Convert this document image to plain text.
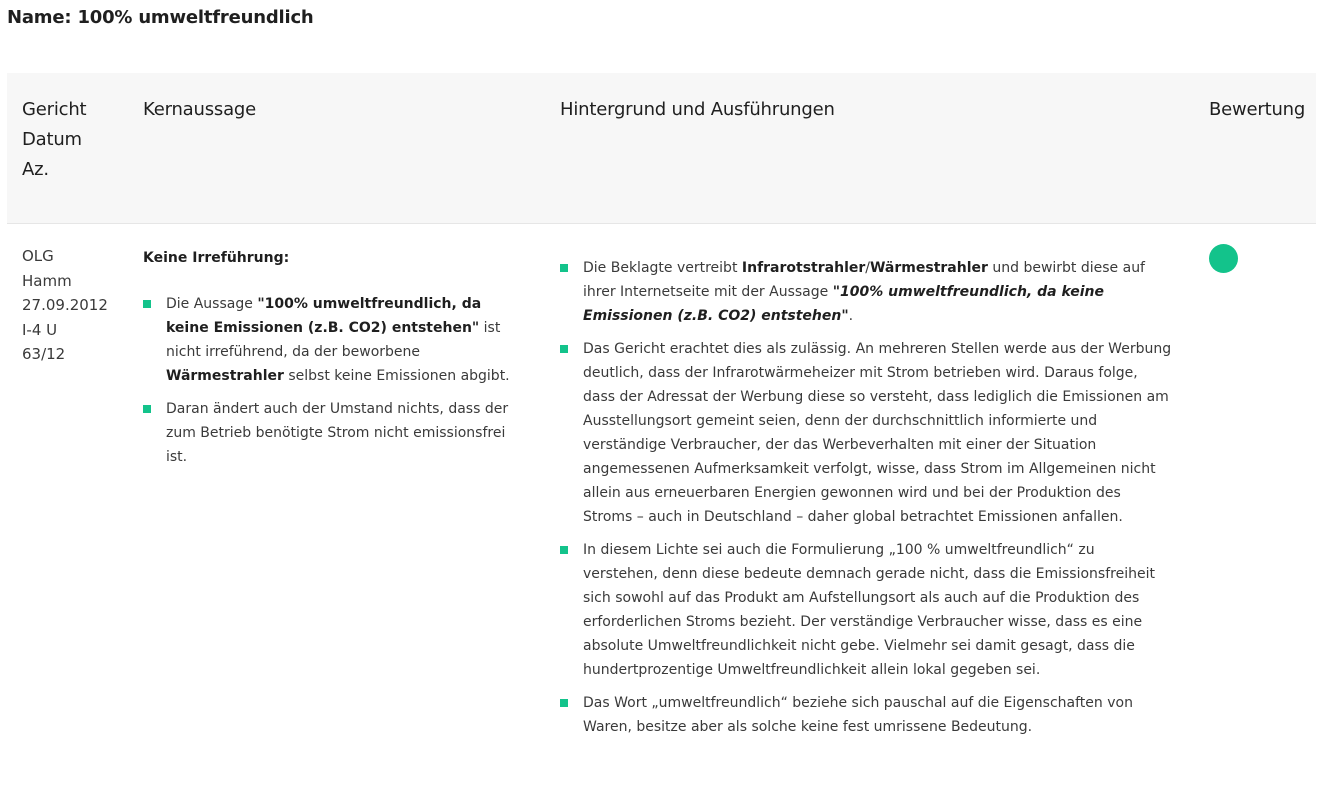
Name: 100% umweltfreundlich
Gericht
Datum
Az.
Kernaussage	Hintergrund und Ausführungen	Bewertung
OLG
Hamm
27.09.2012
I-4 U
63/12
Keine Irreführung:
Die Aussage "100% umweltfreundlich, da keine Emissionen (z.B. CO2) entstehen" ist nicht irreführend, da der beworbene Wärmestrahler selbst keine Emissionen abgibt.
Daran ändert auch der Umstand nichts, dass der zum Betrieb benötigte Strom nicht emissionsfrei ist.
Die Beklagte vertreibt Infrarotstrahler/Wärmestrahler und bewirbt diese auf ihrer Internetseite mit der Aussage "100% umweltfreundlich, da keine Emissionen (z.B. CO2) entstehen".
Das Gericht erachtet dies als zulässig. An mehreren Stellen werde aus der Werbung deutlich, dass der Infrarotwärmeheizer mit Strom betrieben wird. Daraus folge, dass der Adressat der Werbung diese so versteht, dass lediglich die Emissionen am Ausstellungsort gemeint seien, denn der durchschnittlich informierte und verständige Verbraucher, der das Werbeverhalten mit einer der Situation angemessenen Aufmerksamkeit verfolgt, wisse, dass Strom im Allgemeinen nicht allein aus erneuerbaren Energien gewonnen wird und bei der Produktion des Stroms – auch in Deutschland – daher global betrachtet Emissionen anfallen.
In diesem Lichte sei auch die Formulierung „100 % umweltfreundlich“ zu verstehen, denn diese bedeute demnach gerade nicht, dass die Emissionsfreiheit sich sowohl auf das Produkt am Aufstellungsort als auch auf die Produktion des erforderlichen Stroms bezieht. Der verständige Verbraucher wisse, dass es eine absolute Umweltfreundlichkeit nicht gebe. Vielmehr sei damit gesagt, dass die hundertprozentige Umweltfreundlichkeit allein lokal gegeben sei.
Das Wort „umweltfreundlich“ beziehe sich pauschal auf die Eigenschaften von Waren, besitze aber als solche keine fest umrissene Bedeutung.
